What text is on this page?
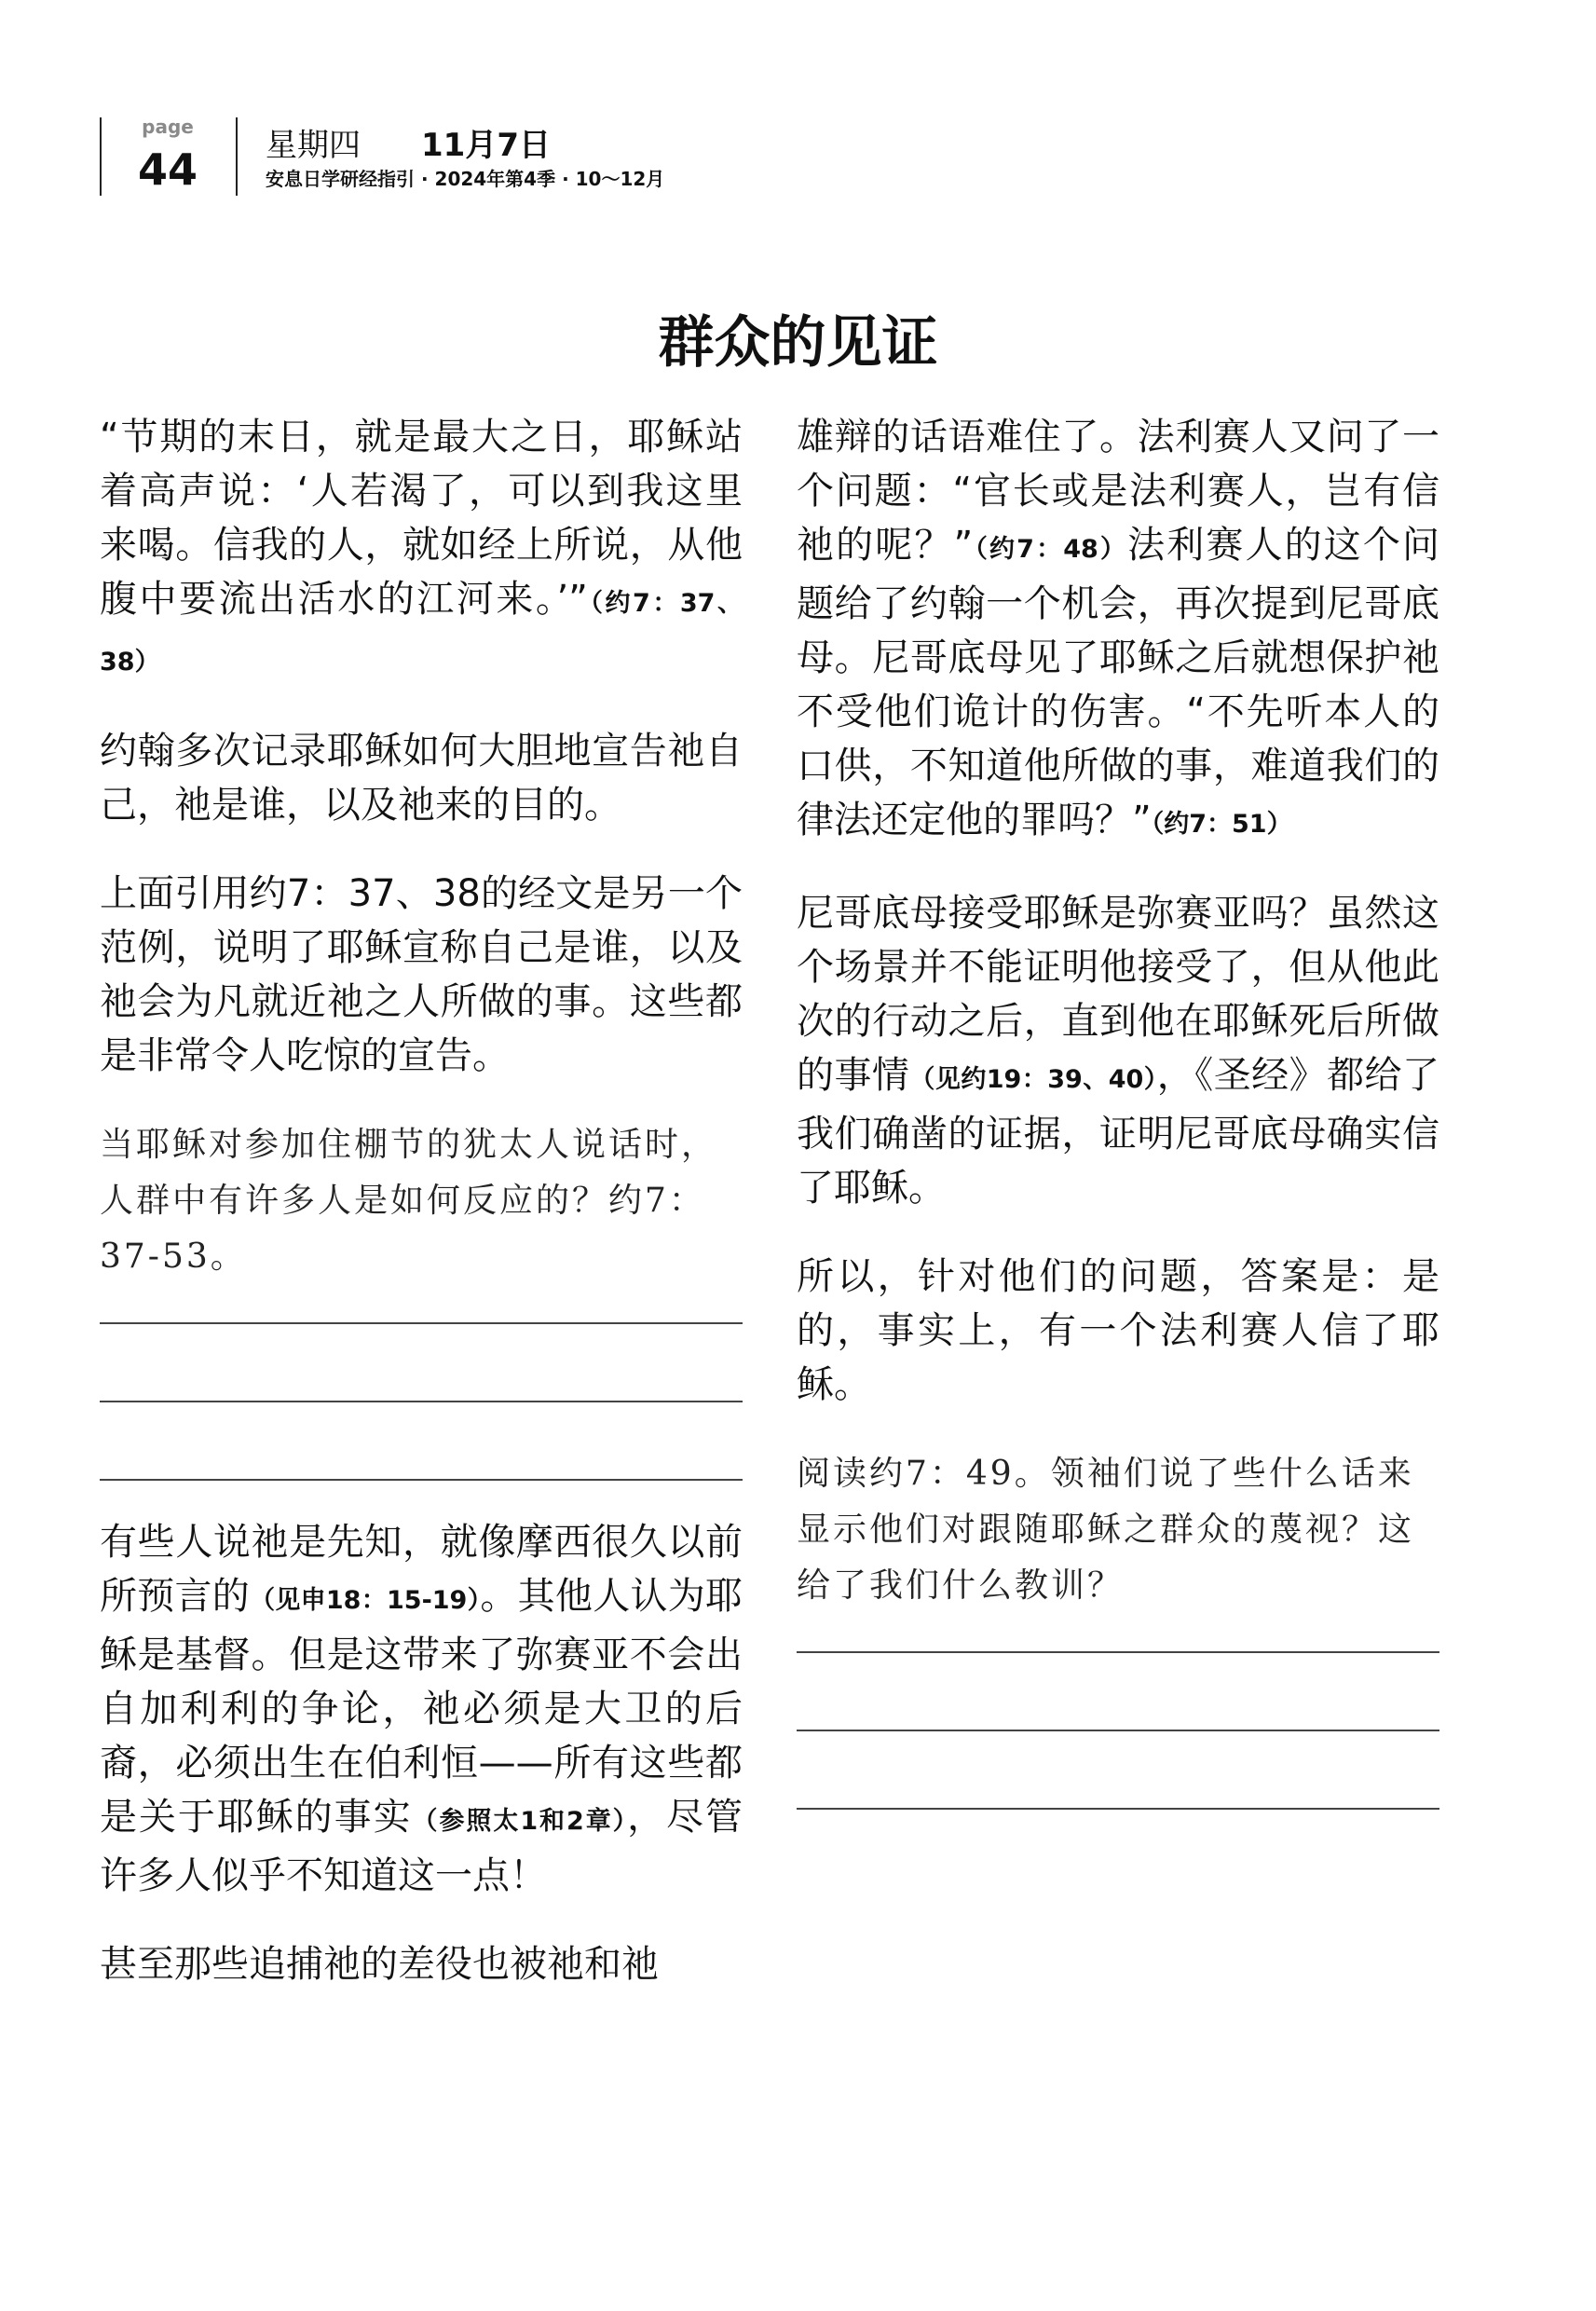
page
44 星期四 11月7日
安息日学研经指引 · 2024年第4季 · 10～12月
群众的见证

“节期的末日，就是最大之日，耶稣站着高声说：‘人若渴了，可以到我这里来喝。信我的人，就如经上所说，从他腹中要流出活水的江河来。’”（约7：37、38）

约翰多次记录耶稣如何大胆地宣告祂自己，祂是谁，以及祂来的目的。

上面引用约7：37、38的经文是另一个范例，说明了耶稣宣称自己是谁，以及祂会为凡就近祂之人所做的事。这些都是非常令人吃惊的宣告。

当耶稣对参加住棚节的犹太人说话时，人群中有许多人是如何反应的？约7：37-53。

有些人说祂是先知，就像摩西很久以前所预言的（见申18：15-19）。其他人认为耶稣是基督。但是这带来了弥赛亚不会出自加利利的争论，祂必须是大卫的后裔，必须出生在伯利恒——所有这些都是关于耶稣的事实（参照太1和2章），尽管许多人似乎不知道这一点！

甚至那些追捕祂的差役也被祂和祂

雄辩的话语难住了。法利赛人又问了一个问题：“官长或是法利赛人，岂有信祂的呢？”（约7：48）法利赛人的这个问题给了约翰一个机会，再次提到尼哥底母。尼哥底母见了耶稣之后就想保护祂不受他们诡计的伤害。“不先听本人的口供，不知道他所做的事，难道我们的律法还定他的罪吗？”（约7：51）

尼哥底母接受耶稣是弥赛亚吗？虽然这个场景并不能证明他接受了，但从他此次的行动之后，直到他在耶稣死后所做的事情（见约19：39、40），《圣经》都给了我们确凿的证据，证明尼哥底母确实信了耶稣。

所以，针对他们的问题，答案是：是的，事实上，有一个法利赛人信了耶稣。

阅读约7：49。领袖们说了些什么话来显示他们对跟随耶稣之群众的蔑视？这给了我们什么教训？
